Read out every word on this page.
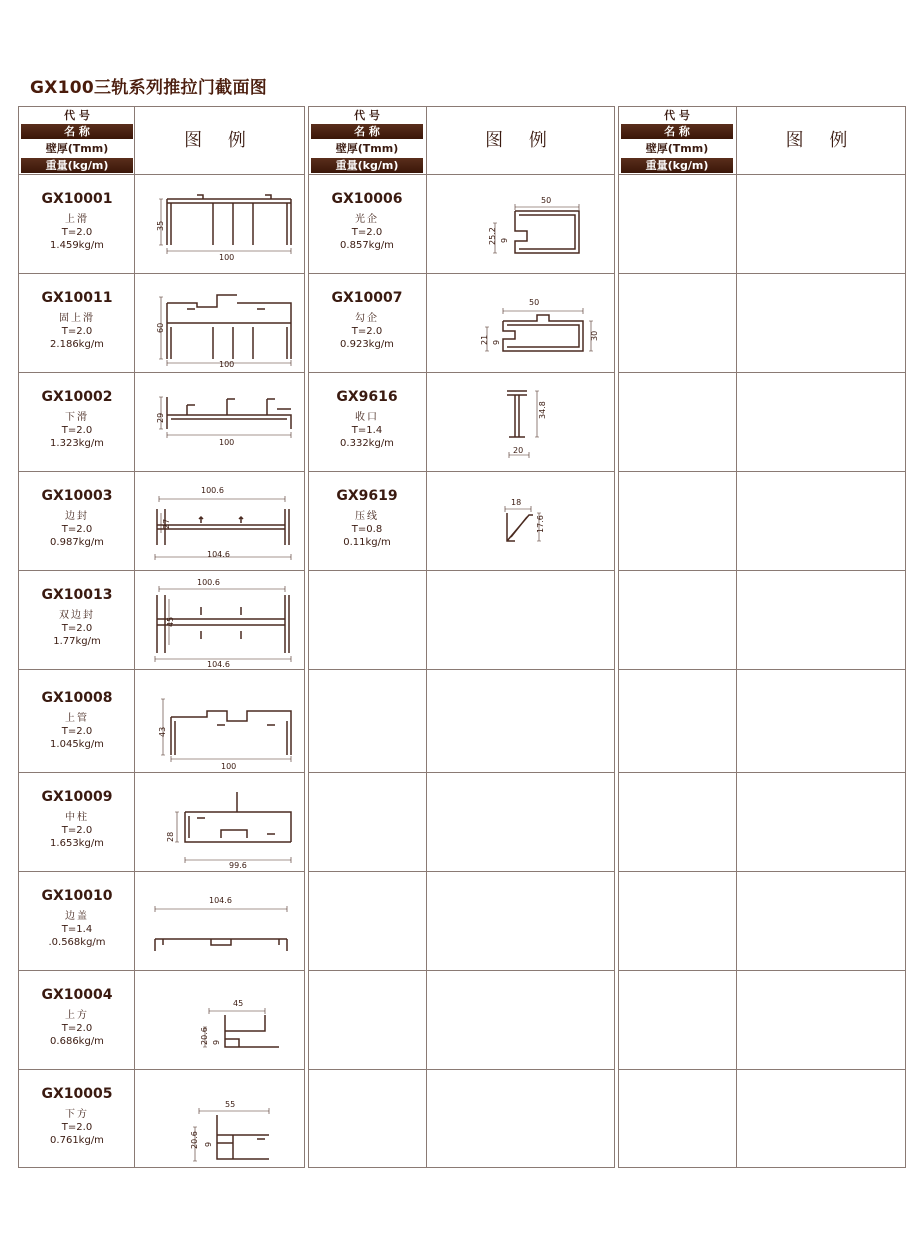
GX100三轨系列推拉门截面图
代 号
名 称
壁厚(Tmm)
重量(kg/m)
图 例
GX10001
上滑
T=2.0
1.459kg/m
35
100
GX10011
固上滑
T=2.0
2.186kg/m
60
100
GX10002
下滑
T=2.0
1.323kg/m
29
100
GX10003
边封
T=2.0
0.987kg/m
100.6
27
104.6
GX10013
双边封
T=2.0
1.77kg/m
100.6
45
104.6
GX10008
上管
T=2.0
1.045kg/m
43
100
GX10009
中柱
T=2.0
1.653kg/m
28
99.6
GX10010
边盖
T=1.4
.0.568kg/m
104.6
GX10004
上方
T=2.0
0.686kg/m
45
20.6 9
GX10005
下方
T=2.0
0.761kg/m
55
20.6 9
代 号
名 称
壁厚(Tmm)
重量(kg/m)
图 例
GX10006
光企
T=2.0
0.857kg/m
50
25.2 9
GX10007
勾企
T=2.0
0.923kg/m
50
21 9
30
GX9616
收口
T=1.4
0.332kg/m
34.8
20
GX9619
压线
T=0.8
0.11kg/m
18
17.6
代 号
名 称
壁厚(Tmm)
重量(kg/m)
图 例
